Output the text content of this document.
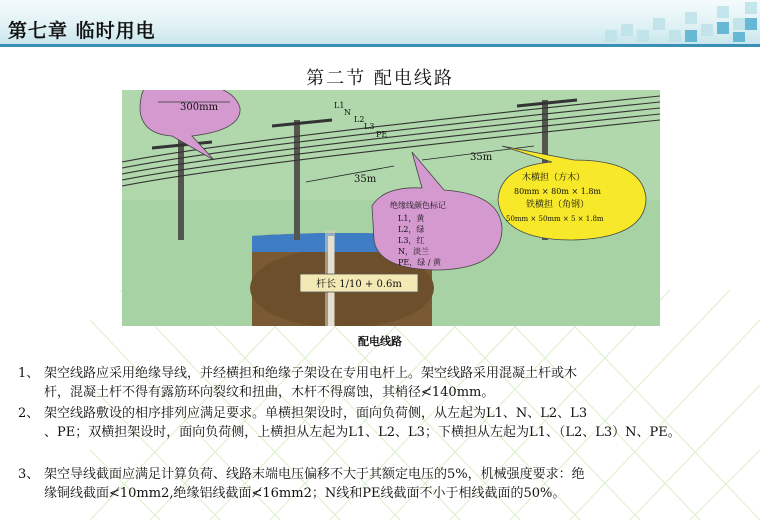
第七章 临时用电
第二节 配电线路
杆长 1/10 + 0.6m
300mm	L1
N
L2
L3
PE
35m
35m
绝缘线颜色标记
L1，黄
L2，绿
L3，红
N，淡兰
PE，绿 / 黄
木横担（方木）
80mm × 80m × 1.8m
铁横担（角钢）
50mm × 50mm × 5 × 1.8m
配电线路
1、 架空线路应采用绝缘导线，并经横担和绝缘子架设在专用电杆上。架空线路采用混凝土杆或木
杆，混凝土杆不得有露筋环向裂纹和扭曲，木杆不得腐蚀，其梢径≮140mm。
2、 架空线路敷设的相序排列应满足要求。单横担架设时，面向负荷侧，从左起为L1、N、L2、L3
、PE；双横担架设时，面向负荷侧，上横担从左起为L1、L2、L3；下横担从左起为L1、（L2、L3）N、PE。
3、 架空导线截面应满足计算负荷、线路末端电压偏移不大于其额定电压的5%，机械强度要求：绝
缘铜线截面≮10mm2,绝缘铝线截面≮16mm2；N线和PE线截面不小于相线截面的50%。
